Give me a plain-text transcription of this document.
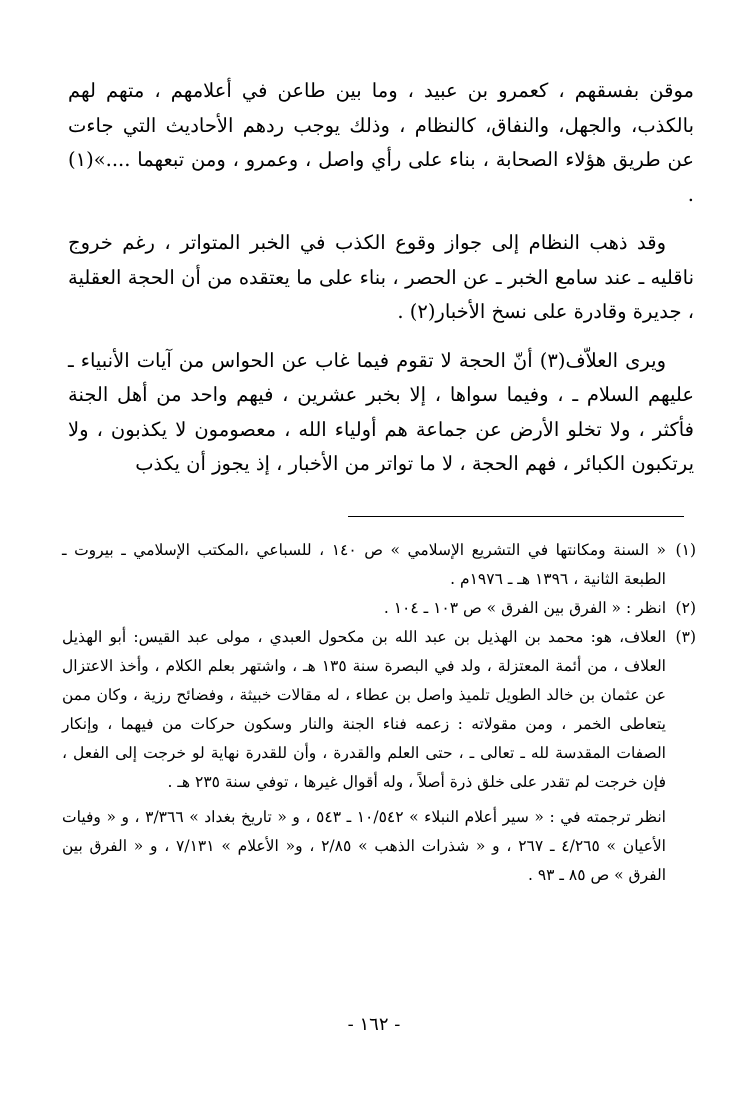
موقن بفسقهم ، كعمرو بن عبيد ، وما بين طاعن في أعلامهم ، متهم لهم بالكذب، والجهل، والنفاق، كالنظام ، وذلك يوجب ردهم الأحاديث التي جاءت عن طريق هؤلاء الصحابة ، بناء على رأي واصل ، وعمرو ، ومن تبعهما ....»(١) .

وقد ذهب النظام إلى جواز وقوع الكذب في الخبر المتواتر ، رغم خروج ناقليه ـ عند سامع الخبر ـ عن الحصر ، بناء على ما يعتقده من أن الحجة العقلية ، جديرة وقادرة على نسخ الأخبار(٢) .

ويرى العلاّف(٣) أنّ الحجة لا تقوم فيما غاب عن الحواس من آيات الأنبياء ـ عليهم السلام ـ ، وفيما سواها ، إلا بخبر عشرين ، فيهم واحد من أهل الجنة فأكثر ، ولا تخلو الأرض عن جماعة هم أولياء الله ، معصومون لا يكذبون ، ولا يرتكبون الكبائر ، فهم الحجة ، لا ما تواتر من الأخبار ، إذ يجوز أن يكذب

(١)
« السنة ومكانتها في التشريع الإسلامي » ص ١٤٠ ، للسباعي ،المكتب الإسلامي ـ بيروت ـ الطبعة الثانية ، ١٣٩٦ هـ ـ ١٩٧٦م .
(٢)
انظر : « الفرق بين الفرق » ص ١٠٣ ـ ١٠٤ .
(٣)
العلاف، هو: محمد بن الهذيل بن عبد الله بن مكحول العبدي ، مولى عبد القيس: أبو الهذيل العلاف ، من أئمة المعتزلة ، ولد في البصرة سنة ١٣٥ هـ ، واشتهر بعلم الكلام ، وأخذ الاعتزال عن عثمان بن خالد الطويل تلميذ واصل بن عطاء ، له مقالات خبيثة ، وفضائح رزية ، وكان ممن يتعاطى الخمر ، ومن مقولاته : زعمه فناء الجنة والنار وسكون حركات من فيهما ، وإنكار الصفات المقدسة لله ـ تعالى ـ ، حتى العلم والقدرة ، وأن للقدرة نهاية لو خرجت إلى الفعل ، فإن خرجت لم تقدر على خلق ذرة أصلاً ، وله أقوال غيرها ، توفي سنة ٢٣٥ هـ .
انظر ترجمته في : « سير أعلام النبلاء » ١٠/٥٤٢ ـ ٥٤٣ ، و « تاريخ بغداد » ٣/٣٦٦ ، و « وفيات الأعيان » ٤/٢٦٥ ـ ٢٦٧ ، و « شذرات الذهب » ٢/٨٥ ، و« الأعلام » ٧/١٣١ ، و « الفرق بين الفرق » ص ٨٥ ـ ٩٣ .
- ١٦٢ -
